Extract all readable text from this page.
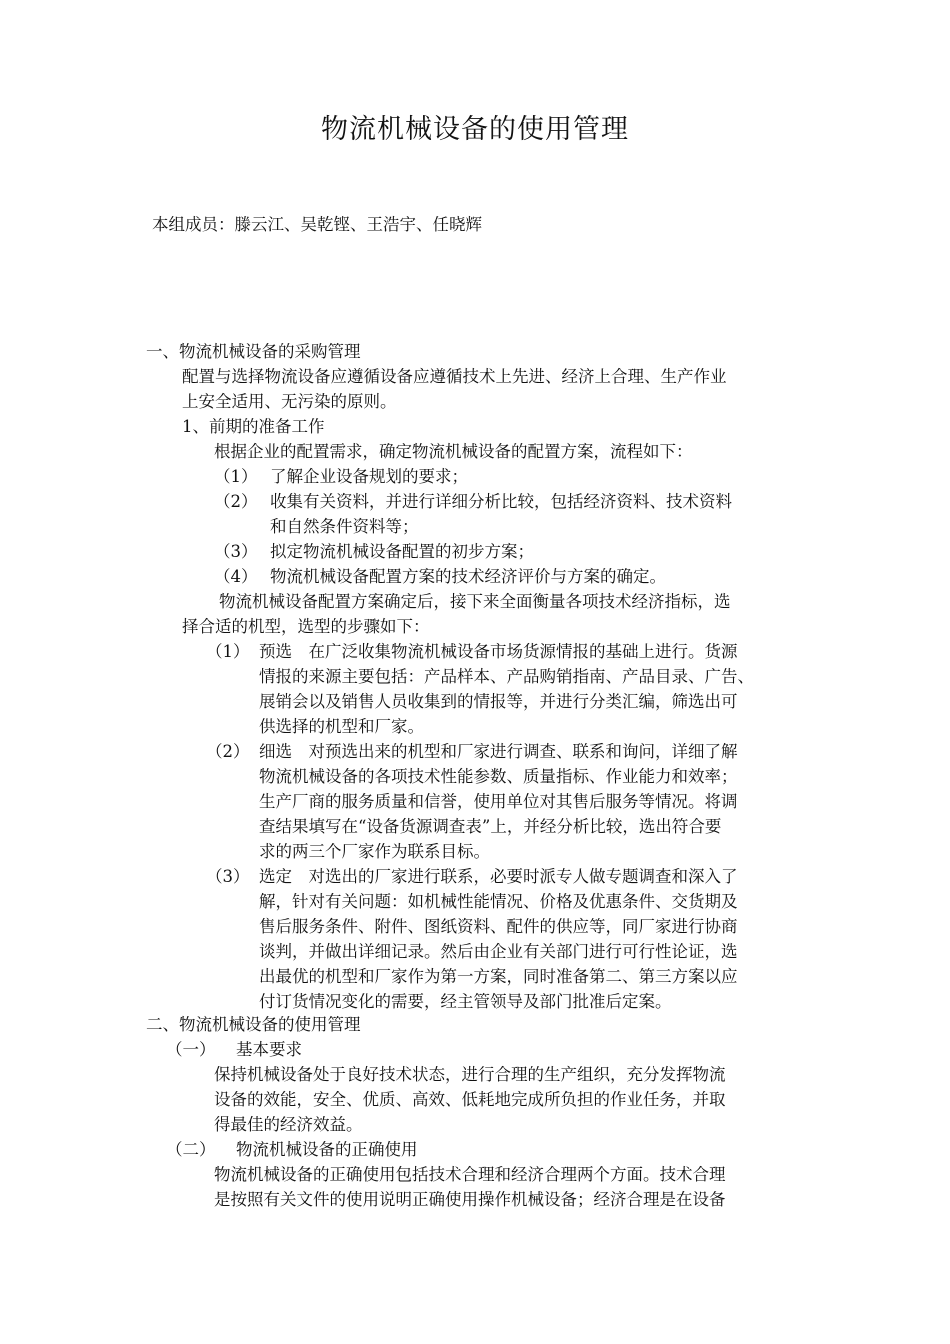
物流机械设备的使用管理
本组成员：滕云江、吴乾铿、王浩宇、任晓辉
一、物流机械设备的采购管理
配置与选择物流设备应遵循设备应遵循技术上先进、经济上合理、生产作业
上安全适用、无污染的原则。
1、前期的准备工作
根据企业的配置需求，确定物流机械设备的配置方案，流程如下：
（1） 了解企业设备规划的要求；
（2） 收集有关资料，并进行详细分析比较，包括经济资料、技术资料
和自然条件资料等；
（3） 拟定物流机械设备配置的初步方案；
（4） 物流机械设备配置方案的技术经济评价与方案的确定。
物流机械设备配置方案确定后，接下来全面衡量各项技术经济指标，选
择合适的机型，选型的步骤如下：
（1） 预选　在广泛收集物流机械设备市场货源情报的基础上进行。货源
情报的来源主要包括：产品样本、产品购销指南、产品目录、广告、
展销会以及销售人员收集到的情报等，并进行分类汇编，筛选出可
供选择的机型和厂家。
（2） 细选　对预选出来的机型和厂家进行调查、联系和询问，详细了解
物流机械设备的各项技术性能参数、质量指标、作业能力和效率；
生产厂商的服务质量和信誉，使用单位对其售后服务等情况。将调
查结果填写在“设备货源调查表”上，并经分析比较，选出符合要
求的两三个厂家作为联系目标。
（3） 选定　对选出的厂家进行联系，必要时派专人做专题调查和深入了
解，针对有关问题：如机械性能情况、价格及优惠条件、交货期及
售后服务条件、附件、图纸资料、配件的供应等，同厂家进行协商
谈判，并做出详细记录。然后由企业有关部门进行可行性论证，选
出最优的机型和厂家作为第一方案，同时准备第二、第三方案以应
付订货情况变化的需要，经主管领导及部门批准后定案。
二、物流机械设备的使用管理
（一） 基本要求
保持机械设备处于良好技术状态，进行合理的生产组织，充分发挥物流
设备的效能，安全、优质、高效、低耗地完成所负担的作业任务，并取
得最佳的经济效益。
（二） 物流机械设备的正确使用
物流机械设备的正确使用包括技术合理和经济合理两个方面。技术合理
是按照有关文件的使用说明正确使用操作机械设备；经济合理是在设备
